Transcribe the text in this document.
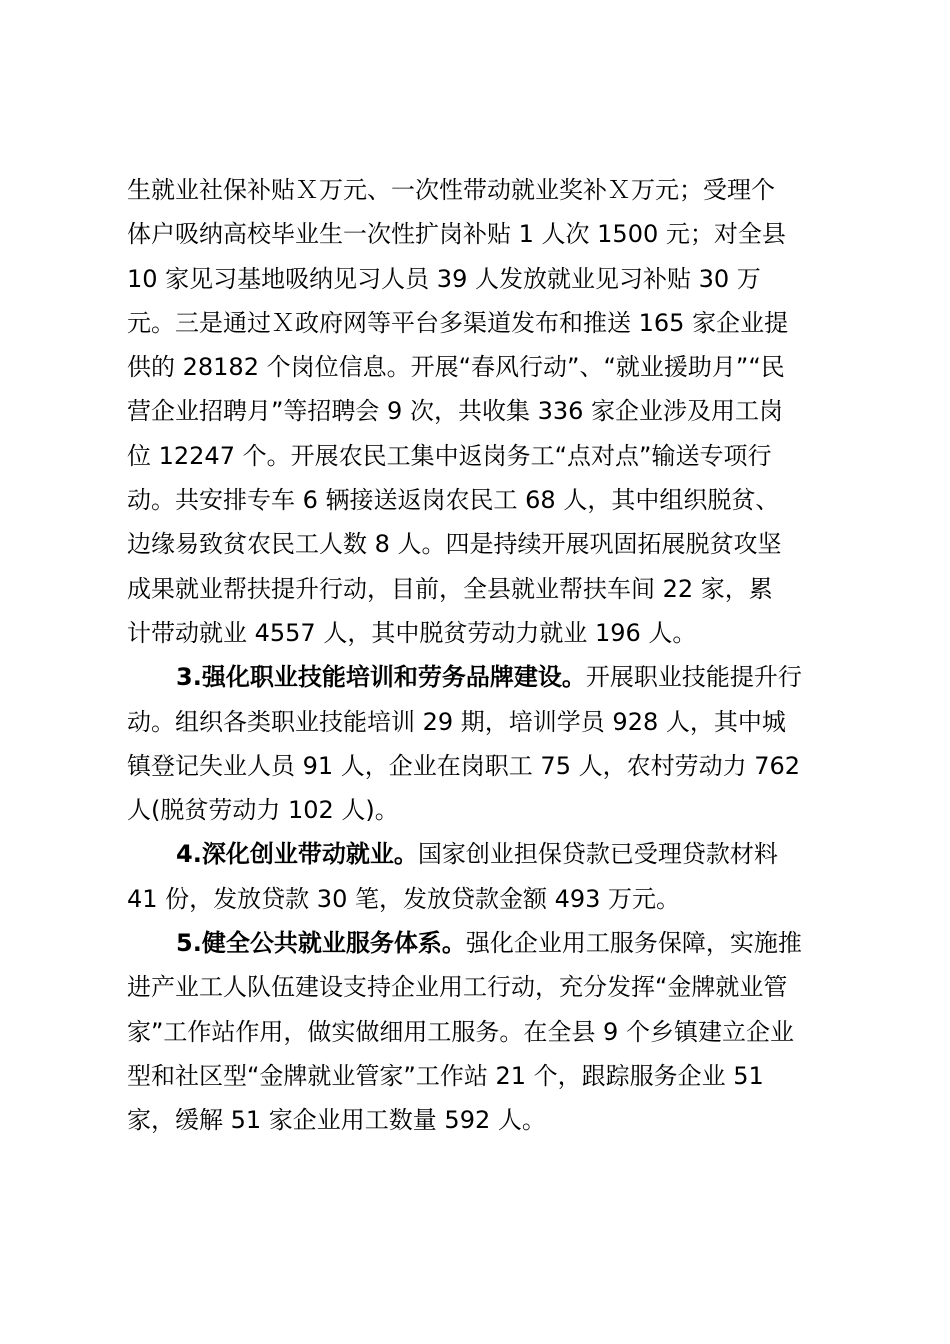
生就业社保补贴Ｘ万元、一次性带动就业奖补Ｘ万元；受理个
体户吸纳高校毕业生一次性扩岗补贴 1 人次 1500 元；对全县
10 家见习基地吸纳见习人员 39 人发放就业见习补贴 30 万
元。三是通过Ｘ政府网等平台多渠道发布和推送 165 家企业提
供的 28182 个岗位信息。开展“春风行动”、“就业援助月”“民
营企业招聘月”等招聘会 9 次，共收集 336 家企业涉及用工岗
位 12247 个。开展农民工集中返岗务工“点对点”输送专项行
动。共安排专车 6 辆接送返岗农民工 68 人，其中组织脱贫、
边缘易致贫农民工人数 8 人。四是持续开展巩固拓展脱贫攻坚
成果就业帮扶提升行动，目前，全县就业帮扶车间 22 家，累
计带动就业 4557 人，其中脱贫劳动力就业 196 人。
3.强化职业技能培训和劳务品牌建设。开展职业技能提升行
动。组织各类职业技能培训 29 期，培训学员 928 人，其中城
镇登记失业人员 91 人，企业在岗职工 75 人，农村劳动力 762
人(脱贫劳动力 102 人)。
4.深化创业带动就业。国家创业担保贷款已受理贷款材料
41 份，发放贷款 30 笔，发放贷款金额 493 万元。
5.健全公共就业服务体系。强化企业用工服务保障，实施推
进产业工人队伍建设支持企业用工行动，充分发挥“金牌就业管
家”工作站作用，做实做细用工服务。在全县 9 个乡镇建立企业
型和社区型“金牌就业管家”工作站 21 个，跟踪服务企业 51
家，缓解 51 家企业用工数量 592 人。
